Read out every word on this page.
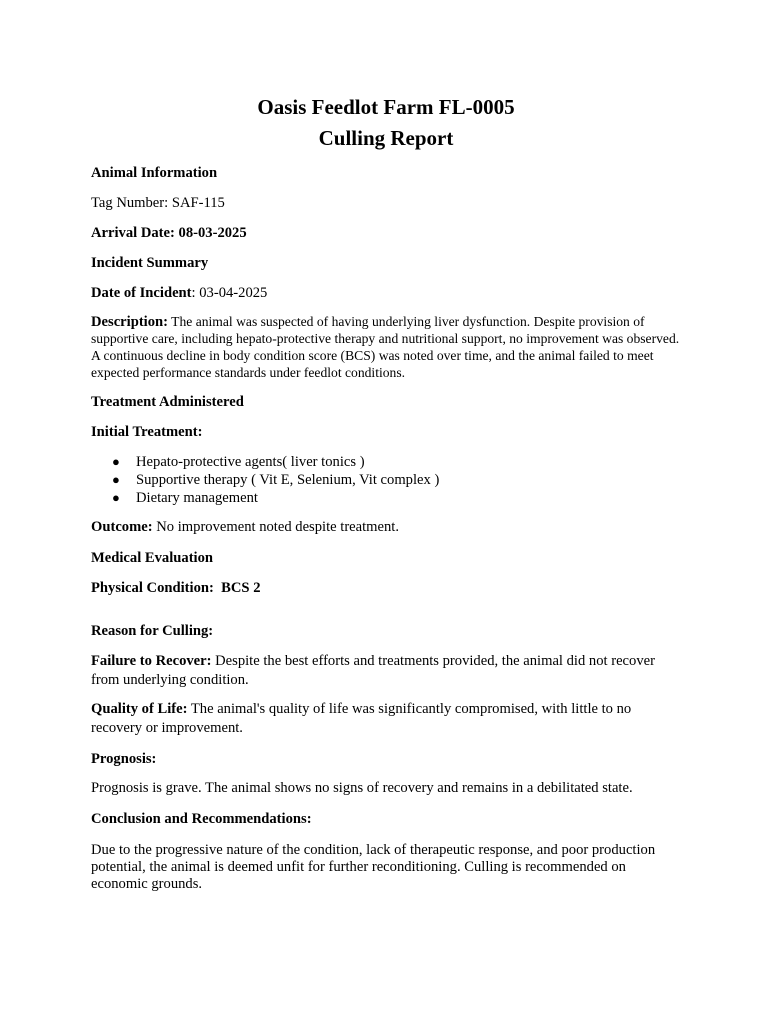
Oasis Feedlot Farm FL-0005
Culling Report

Animal Information

Tag Number: SAF-115

Arrival Date: 08-03-2025

Incident Summary

Date of Incident: 03-04-2025

Description: The animal was suspected of having underlying liver dysfunction. Despite provision of supportive care, including hepato-protective therapy and nutritional support, no improvement was observed. A continuous decline in body condition score (BCS) was noted over time, and the animal failed to meet expected performance standards under feedlot conditions.

Treatment Administered

Initial Treatment:

● Hepato-protective agents( liver tonics )
● Supportive therapy ( Vit E, Selenium, Vit complex )
● Dietary management

Outcome: No improvement noted despite treatment.

Medical Evaluation

Physical Condition:  BCS 2

Reason for Culling:

Failure to Recover: Despite the best efforts and treatments provided, the animal did not recover from underlying condition.

Quality of Life: The animal's quality of life was significantly compromised, with little to no recovery or improvement.

Prognosis:

Prognosis is grave. The animal shows no signs of recovery and remains in a debilitated state.

Conclusion and Recommendations:

Due to the progressive nature of the condition, lack of therapeutic response, and poor production potential, the animal is deemed unfit for further reconditioning. Culling is recommended on economic grounds.
